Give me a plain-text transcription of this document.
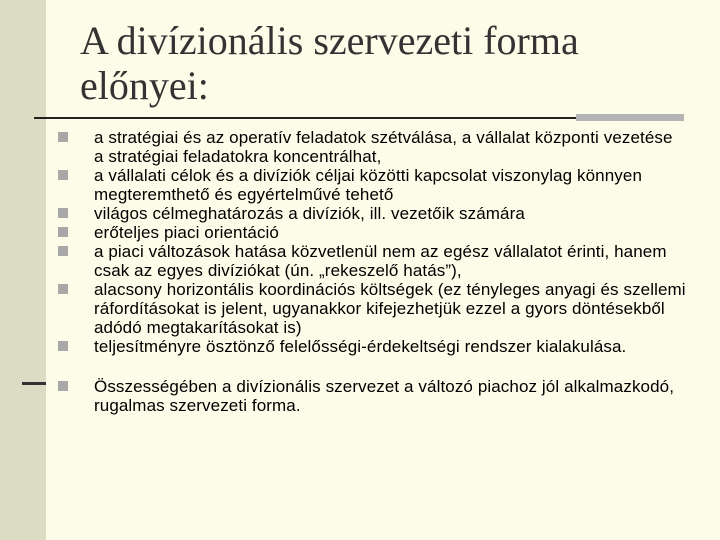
A divízionális szervezeti forma előnyei:
a stratégiai és az operatív feladatok szétválása, a vállalat központi vezetése a stratégiai feladatokra koncentrálhat,
a vállalati célok és a divíziók céljai közötti kapcsolat viszonylag könnyen megteremthető és egyértelművé tehető
világos célmeghatározás a divíziók, ill. vezetőik számára
erőteljes piaci orientáció
a piaci változások hatása közvetlenül nem az egész vállalatot érinti, hanem csak az egyes divíziókat (ún. „rekeszelő hatás”),
alacsony horizontális koordinációs költségek (ez tényleges anyagi és szellemi ráfordításokat is jelent, ugyanakkor kifejezhetjük ezzel a gyors döntésekből adódó megtakarításokat is)
teljesítményre ösztönző felelősségi-érdekeltségi rendszer kialakulása.
Összességében a divízionális szervezet a változó piachoz jól alkalmazkodó, rugalmas szervezeti forma.
